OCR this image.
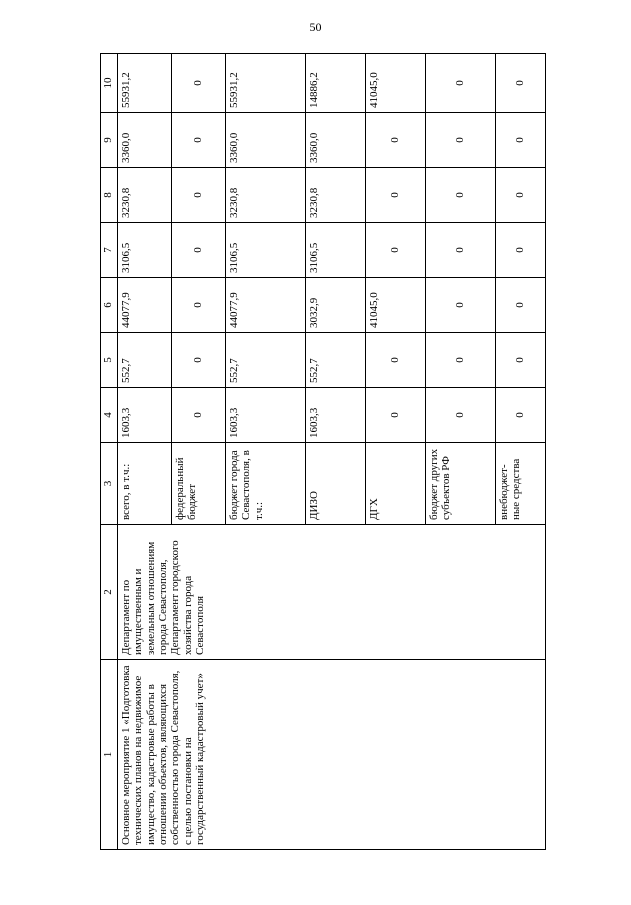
50
1	2	3	4	5	6	7	8	9	10
Основное мероприятие 1 «Подготовка технических планов на недвижимое имущество, кадастровые работы в отношении объектов, являющихся собственностью города Севастополя, с целью постановки на государственный кадастровый учет»	Департамент по имущественным и земельным отношениям города Севастополя, Департамент городского хозяйства города Севастополя	всего, в т.ч.:	1603,3	552,7	44077,9	3106,5	3230,8	3360,0	55931,2
		федеральный бюджет	0	0	0	0	0	0	0
		бюджет города Севастополя, в т.ч.:	1603,3	552,7	44077,9	3106,5	3230,8	3360,0	55931,2
		ДИЗО	1603,3	552,7	3032,9	3106,5	3230,8	3360,0	14886,2
		ДГХ	0	0	41045,0	0	0	0	41045,0
		бюджет других субъектов РФ	0	0	0	0	0	0	0
		внебюджет-ные средства	0	0	0	0	0	0	0
